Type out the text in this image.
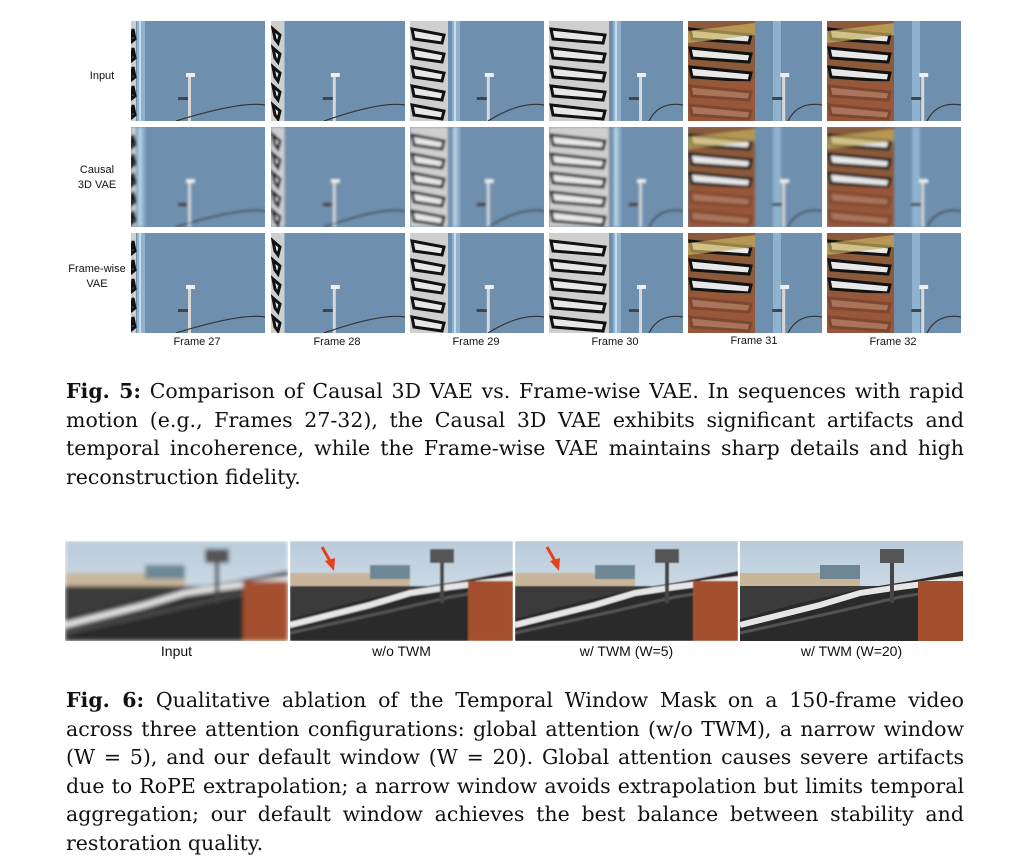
Input
Causal
3D VAE
Frame-wise
VAE
Frame 27	Frame 28	Frame 29	Frame 30	Frame 31	Frame 32
Fig. 5: Comparison of Causal 3D VAE vs. Frame-wise VAE. In sequences with rapid motion (e.g., Frames 27-32), the Causal 3D VAE exhibits significant artifacts and temporal incoherence, while the Frame-wise VAE maintains sharp details and high reconstruction fidelity.
Input	w/o TWM	w/ TWM (W=5)	w/ TWM (W=20)
Fig. 6: Qualitative ablation of the Temporal Window Mask on a 150-frame video across three attention configurations: global attention (w/o TWM), a narrow window (W = 5), and our default window (W = 20). Global attention causes severe artifacts due to RoPE extrapolation; a narrow window avoids extrapolation but limits temporal aggregation; our default window achieves the best balance between stability and restoration quality.
